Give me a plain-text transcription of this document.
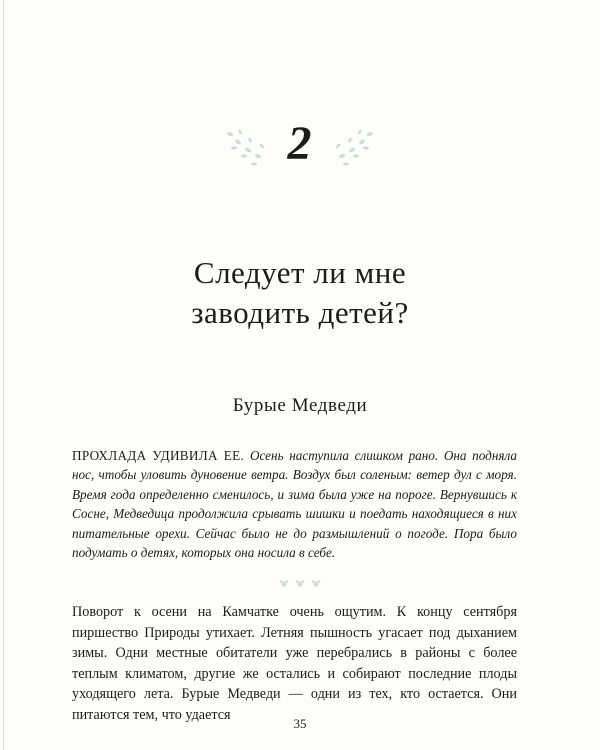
2
Следует ли мне
заводить детей?
Бурые Медведи
ПРОХЛАДА УДИВИЛА ЕЕ. Осень наступила слишком рано. Она подняла нос, чтобы уловить дуновение ветра. Воздух был соленым: ветер дул с моря. Время года определенно сменилось, и зима была уже на пороге. Вернувшись к Сосне, Медведица продолжила срывать шишки и поедать находящиеся в них питательные орехи. Сейчас было не до размышлений о погоде. Пора было подумать о детях, которых она носила в себе.

Поворот к осени на Камчатке очень ощутим. К концу сентября пиршество Природы утихает. Летняя пышность угасает под дыханием зимы. Одни местные обитатели уже перебрались в районы с более теплым климатом, другие же остались и собирают последние плоды уходящего лета. Бурые Медведи — одни из тех, кто остается. Они питаются тем, что удается

35
